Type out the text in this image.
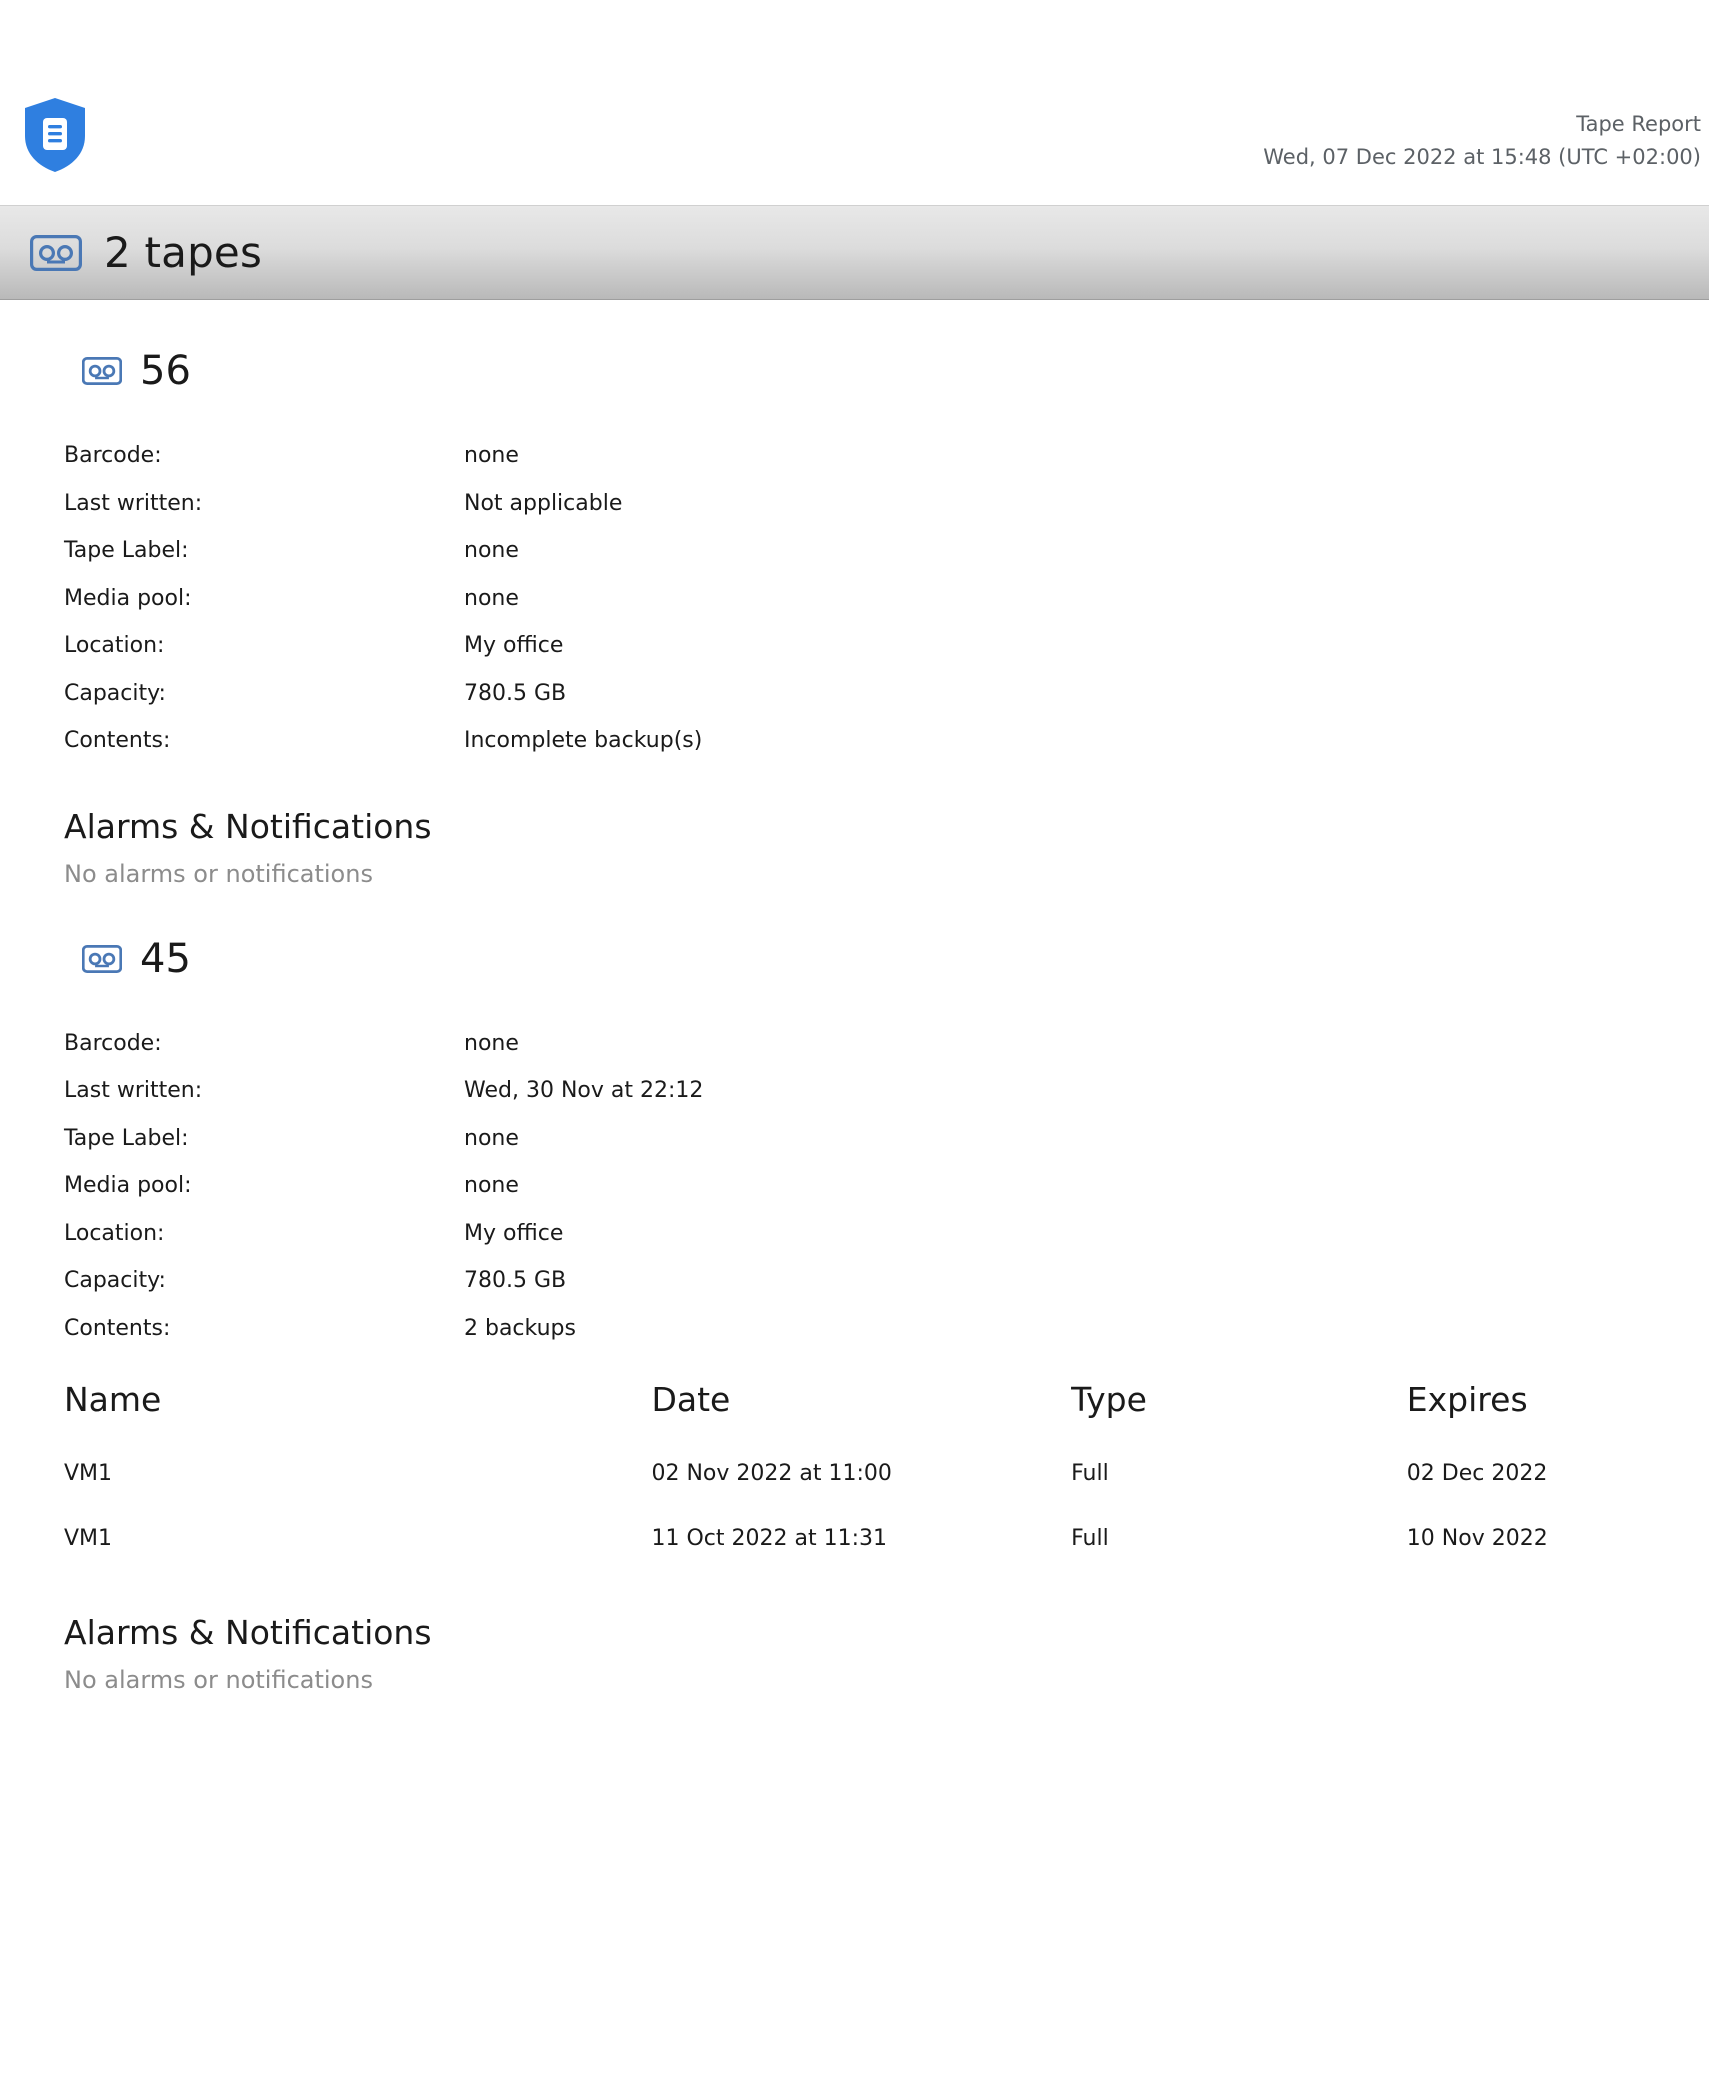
Tape Report
Wed, 07 Dec 2022 at 15:48 (UTC +02:00)
2 tapes
56
Barcode:	none
Last written:	Not applicable
Tape Label:	none
Media pool:	none
Location:	My office
Capacity:	780.5 GB
Contents:	Incomplete backup(s)
Alarms & Notifications

No alarms or notifications

45
Barcode:	none
Last written:	Wed, 30 Nov at 22:12
Tape Label:	none
Media pool:	none
Location:	My office
Capacity:	780.5 GB
Contents:	2 backups
Name	Date	Type	Expires
VM1	02 Nov 2022 at 11:00	Full	02 Dec 2022
VM1	11 Oct 2022 at 11:31	Full	10 Nov 2022
Alarms & Notifications

No alarms or notifications
